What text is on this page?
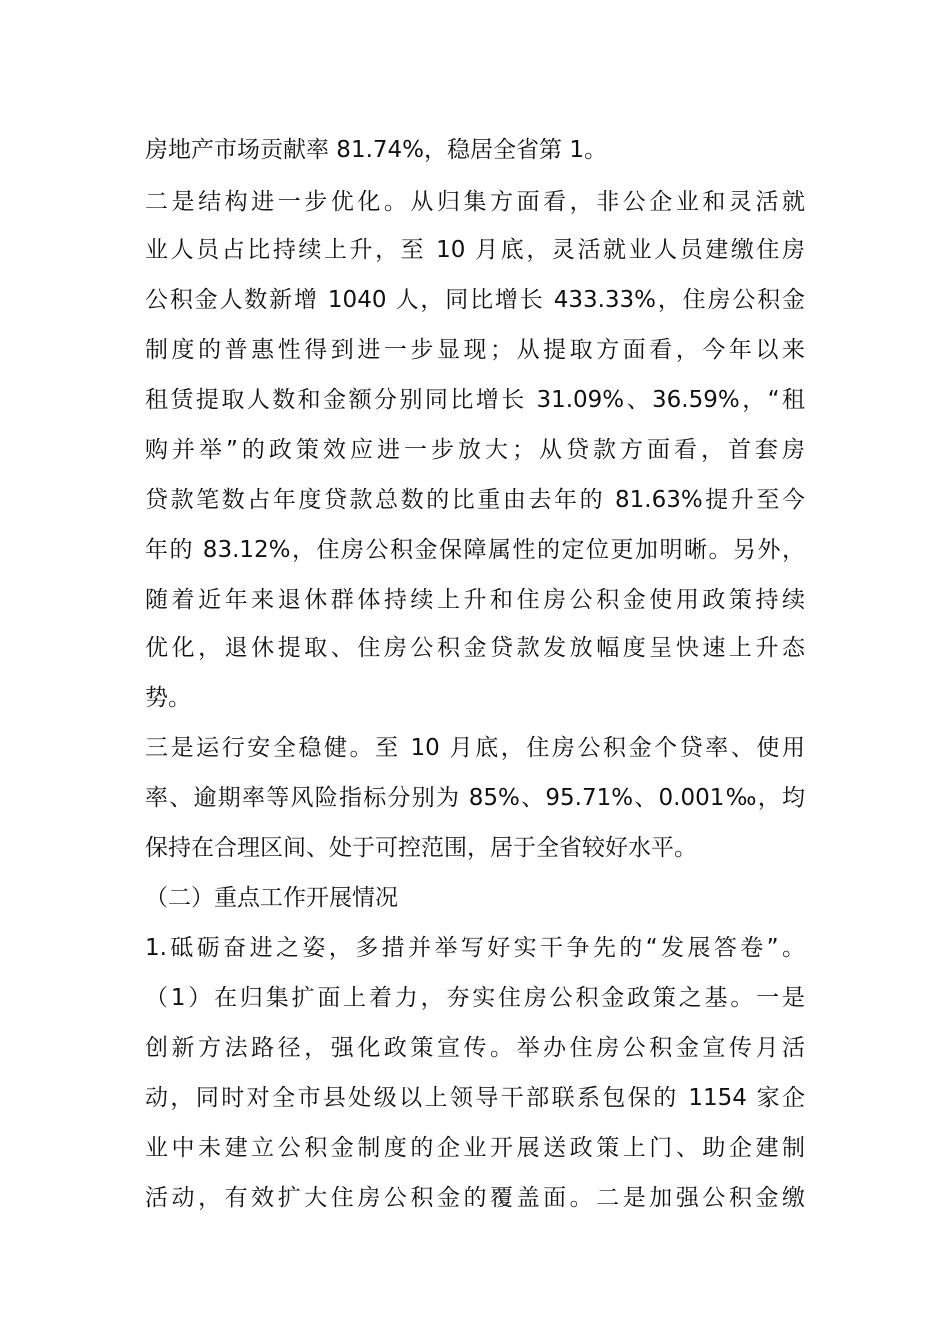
房地产市场贡献率 81.74%，稳居全省第 1。
二是结构进一步优化。从归集方面看，非公企业和灵活就
业人员占比持续上升，至 10 月底，灵活就业人员建缴住房
公积金人数新增 1040 人，同比增长 433.33%，住房公积金
制度的普惠性得到进一步显现；从提取方面看，今年以来
租赁提取人数和金额分别同比增长 31.09%、36.59%，“租
购并举”的政策效应进一步放大；从贷款方面看，首套房
贷款笔数占年度贷款总数的比重由去年的 81.63%提升至今
年的 83.12%，住房公积金保障属性的定位更加明晰。另外，
随着近年来退休群体持续上升和住房公积金使用政策持续
优化，退休提取、住房公积金贷款发放幅度呈快速上升态
势。
三是运行安全稳健。至 10 月底，住房公积金个贷率、使用
率、逾期率等风险指标分别为 85%、95.71%、0.001‰，均
保持在合理区间、处于可控范围，居于全省较好水平。
（二）重点工作开展情况
1.砥砺奋进之姿，多措并举写好实干争先的“发展答卷”。
（1）在归集扩面上着力，夯实住房公积金政策之基。一是
创新方法路径，强化政策宣传。举办住房公积金宣传月活
动，同时对全市县处级以上领导干部联系包保的 1154 家企
业中未建立公积金制度的企业开展送政策上门、助企建制
活动，有效扩大住房公积金的覆盖面。二是加强公积金缴
